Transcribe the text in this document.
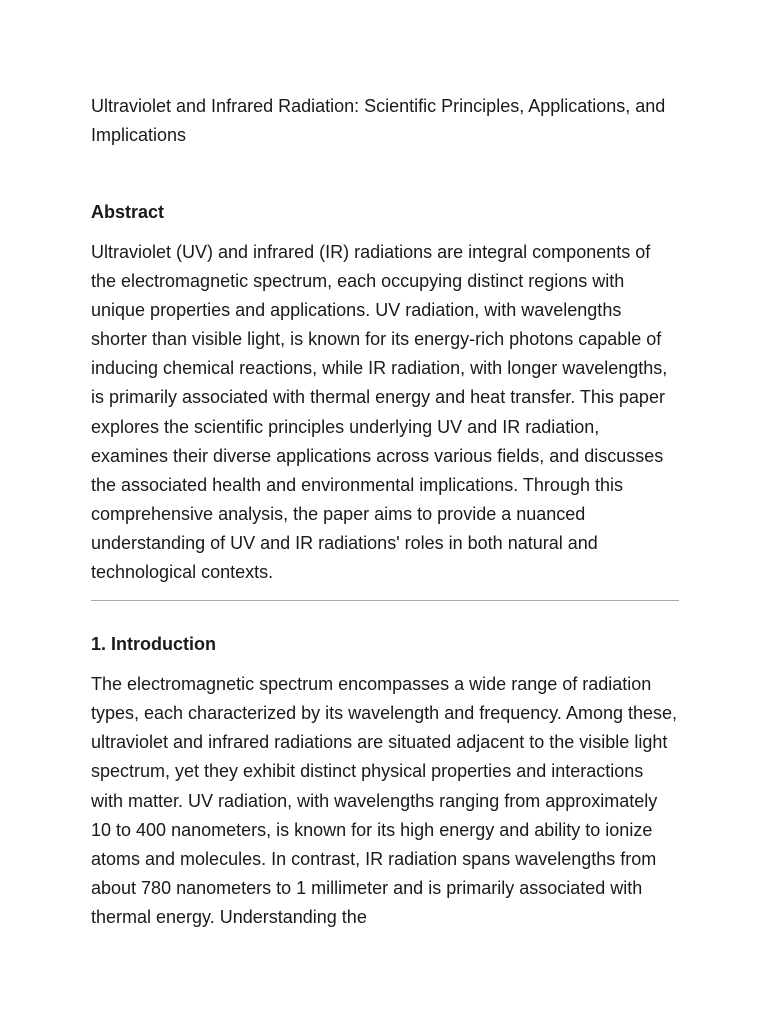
Ultraviolet and Infrared Radiation: Scientific Principles, Applications, and Implications

Abstract

Ultraviolet (UV) and infrared (IR) radiations are integral components of the electromagnetic spectrum, each occupying distinct regions with unique properties and applications. UV radiation, with wavelengths shorter than visible light, is known for its energy-rich photons capable of inducing chemical reactions, while IR radiation, with longer wavelengths, is primarily associated with thermal energy and heat transfer. This paper explores the scientific principles underlying UV and IR radiation, examines their diverse applications across various fields, and discusses the associated health and environmental implications. Through this comprehensive analysis, the paper aims to provide a nuanced understanding of UV and IR radiations' roles in both natural and technological contexts.

1. Introduction

The electromagnetic spectrum encompasses a wide range of radiation types, each characterized by its wavelength and frequency. Among these, ultraviolet and infrared radiations are situated adjacent to the visible light spectrum, yet they exhibit distinct physical properties and interactions with matter. UV radiation, with wavelengths ranging from approximately 10 to 400 nanometers, is known for its high energy and ability to ionize atoms and molecules. In contrast, IR radiation spans wavelengths from about 780 nanometers to 1 millimeter and is primarily associated with thermal energy. Understanding the
